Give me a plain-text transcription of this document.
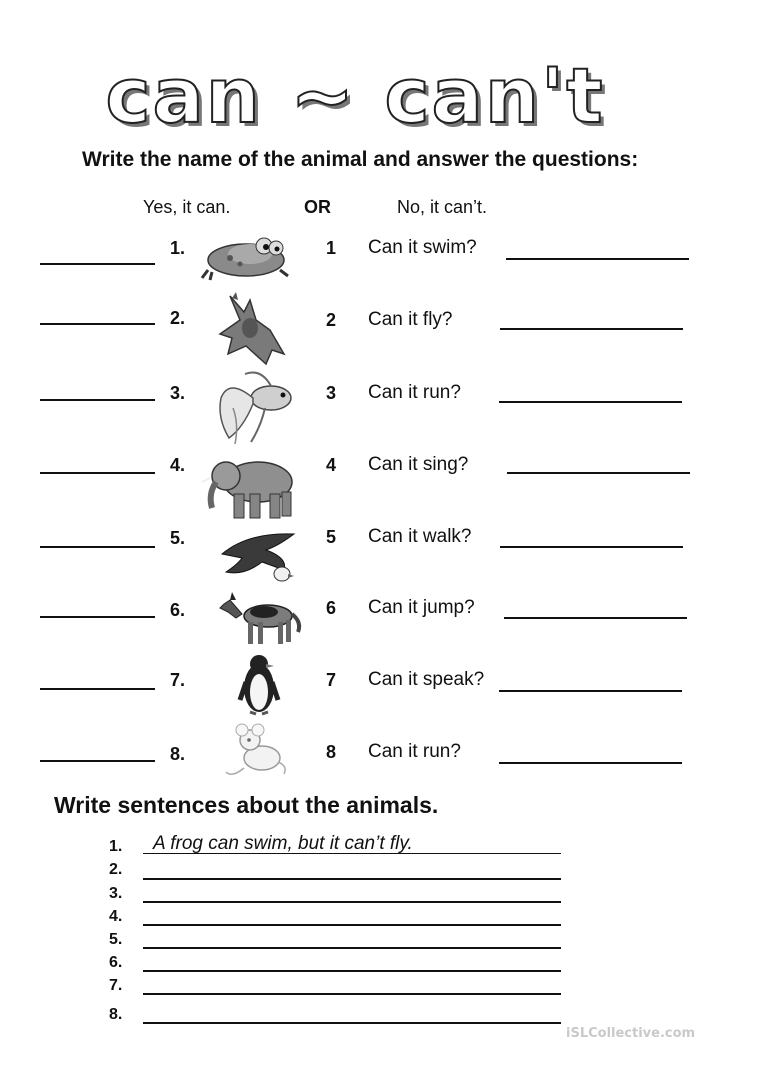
can ~ can't
Write the name of the animal and answer the questions:
Yes, it can.	OR	No, it can’t.
1.	1 Can it swim?
2.	2 Can it fly?
3.	3 Can it run?
4.	4 Can it sing?
5.	5 Can it walk?
6.	6 Can it jump?
7.	7 Can it speak?
8.	8 Can it run?
Write sentences about the animals.
1. A frog can swim, but it can’t fly.
2.
3.
4.
5.
6.
7.
8.
iSLCollective.com
